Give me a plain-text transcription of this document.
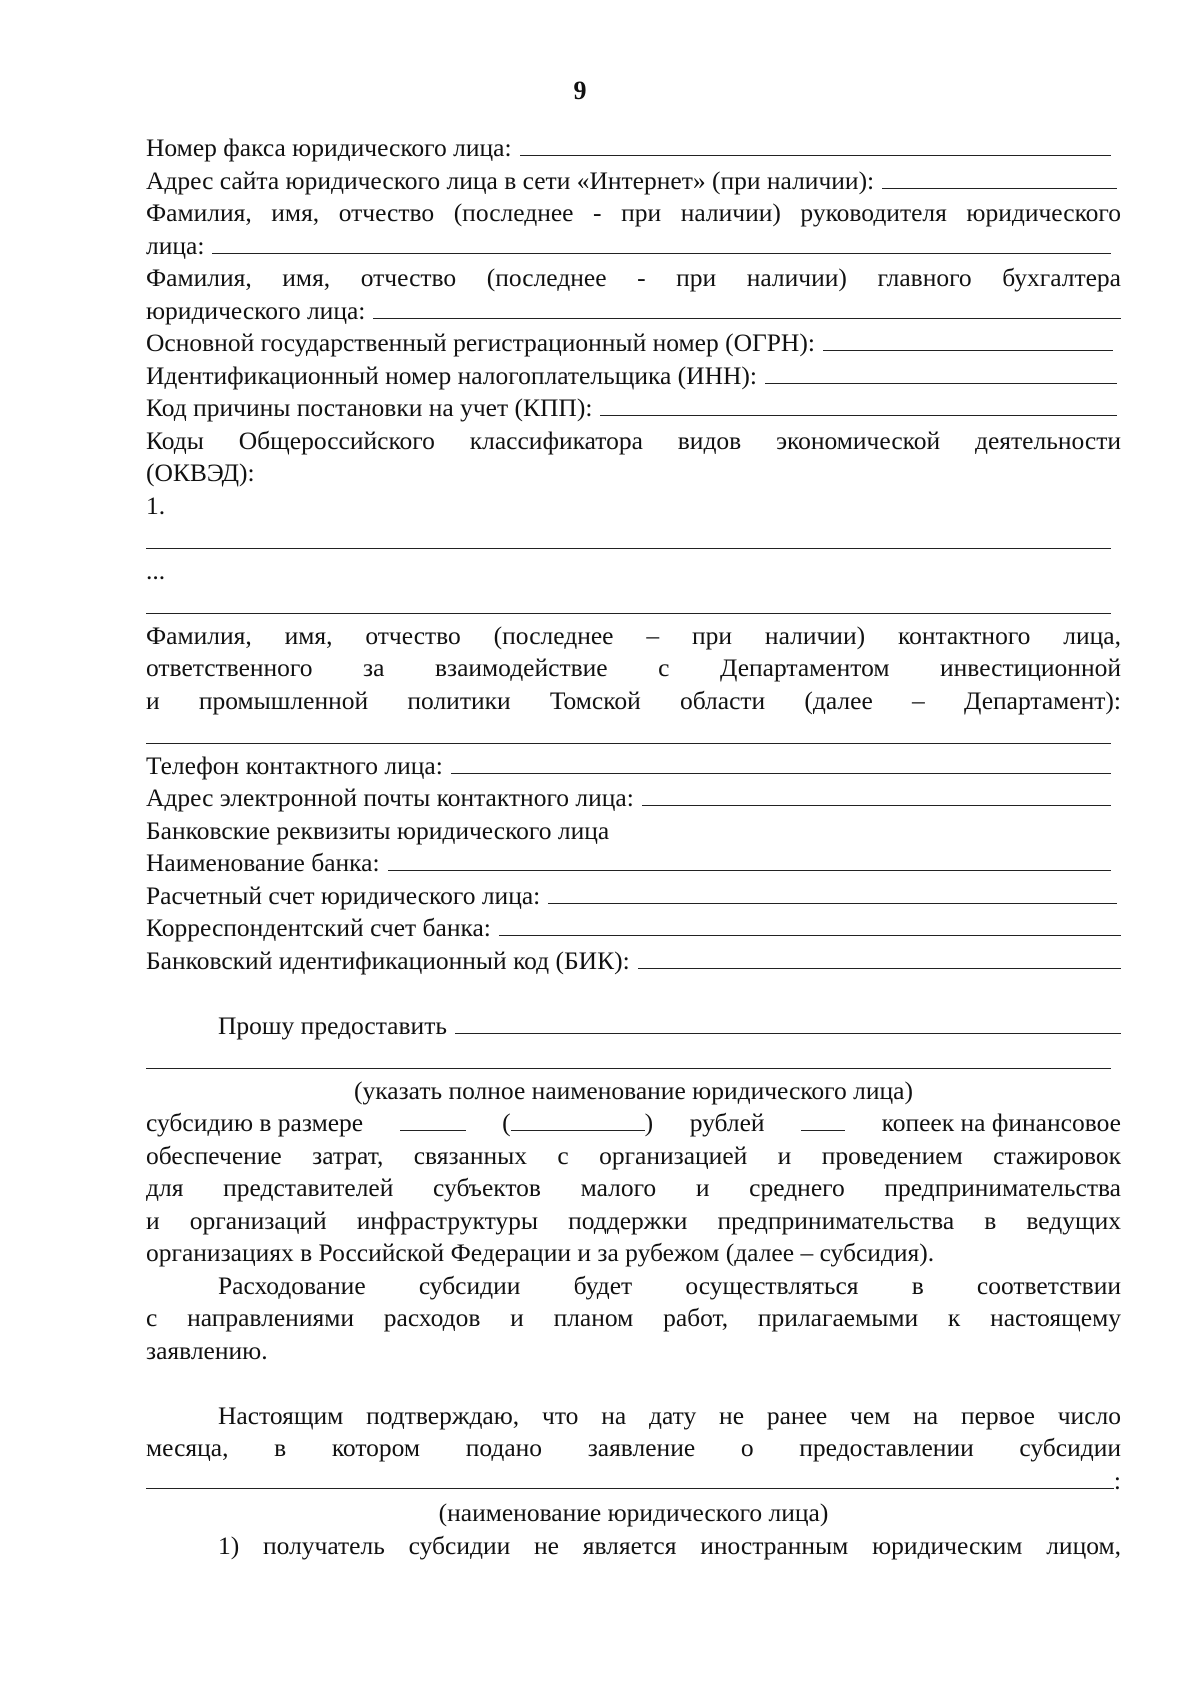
9
Номер факса юридического лица:
Адрес сайта юридического лица в сети «Интернет» (при наличии):
Фамилия, имя, отчество (последнее - при наличии) руководителя юридического
лица:
Фамилия, имя, отчество (последнее - при наличии) главного бухгалтера
юридического лица:
Основной государственный регистрационный номер (ОГРН):
Идентификационный номер налогоплательщика (ИНН):
Код причины постановки на учет (КПП):
Коды Общероссийского классификатора видов экономической деятельности
(ОКВЭД):
1.
...
Фамилия, имя, отчество (последнее – при наличии) контактного лица,
ответственного за взаимодействие с Департаментом инвестиционной
и промышленной политики Томской области (далее – Департамент):
Телефон контактного лица:
Адрес электронной почты контактного лица:
Банковские реквизиты юридического лица
Наименование банка:
Расчетный счет юридического лица:
Корреспондентский счет банка:
Банковский идентификационный код (БИК):
Прошу предоставить
(указать полное наименование юридического лица)
субсидию в размере	(	) рублей	копеек на финансовое
обеспечение затрат, связанных с организацией и проведением стажировок
для представителей субъектов малого и среднего предпринимательства
и организаций инфраструктуры поддержки предпринимательства в ведущих
организациях в Российской Федерации и за рубежом (далее – субсидия).
Расходование субсидии будет осуществляться в соответствии
с направлениями расходов и планом работ, прилагаемыми к настоящему
заявлению.
Настоящим подтверждаю, что на дату не ранее чем на первое число
месяца, в котором подано заявление о предоставлении субсидии
:
(наименование юридического лица)
1) получатель субсидии не является иностранным юридическим лицом,
